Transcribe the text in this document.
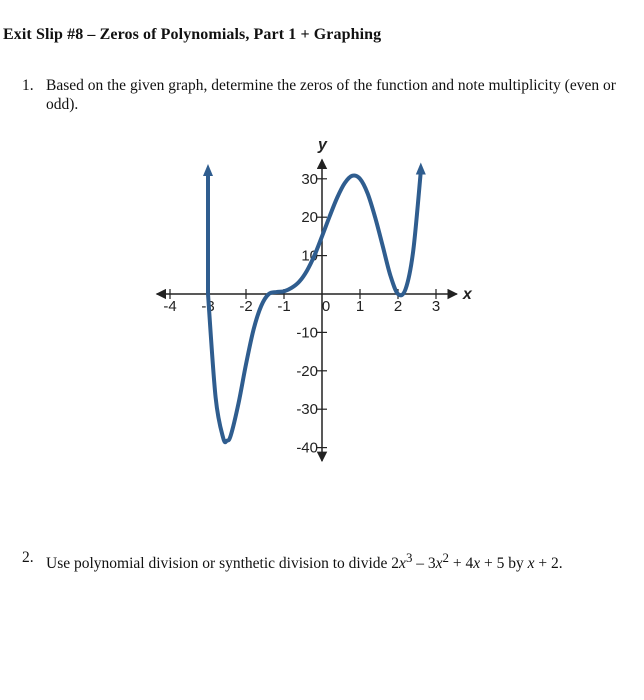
Exit Slip #8 – Zeros of Polynomials, Part 1 + Graphing
1. Based on the given graph, determine the zeros of the function and note multiplicity (even or odd).
-4 -3 -2 -1 0 1 2 3
30
20
10
-10
-20
-30
-40
x
y
2. Use polynomial division or synthetic division to divide $2x^3 - 3x^2 + 4x + 5$ by x + 2.
